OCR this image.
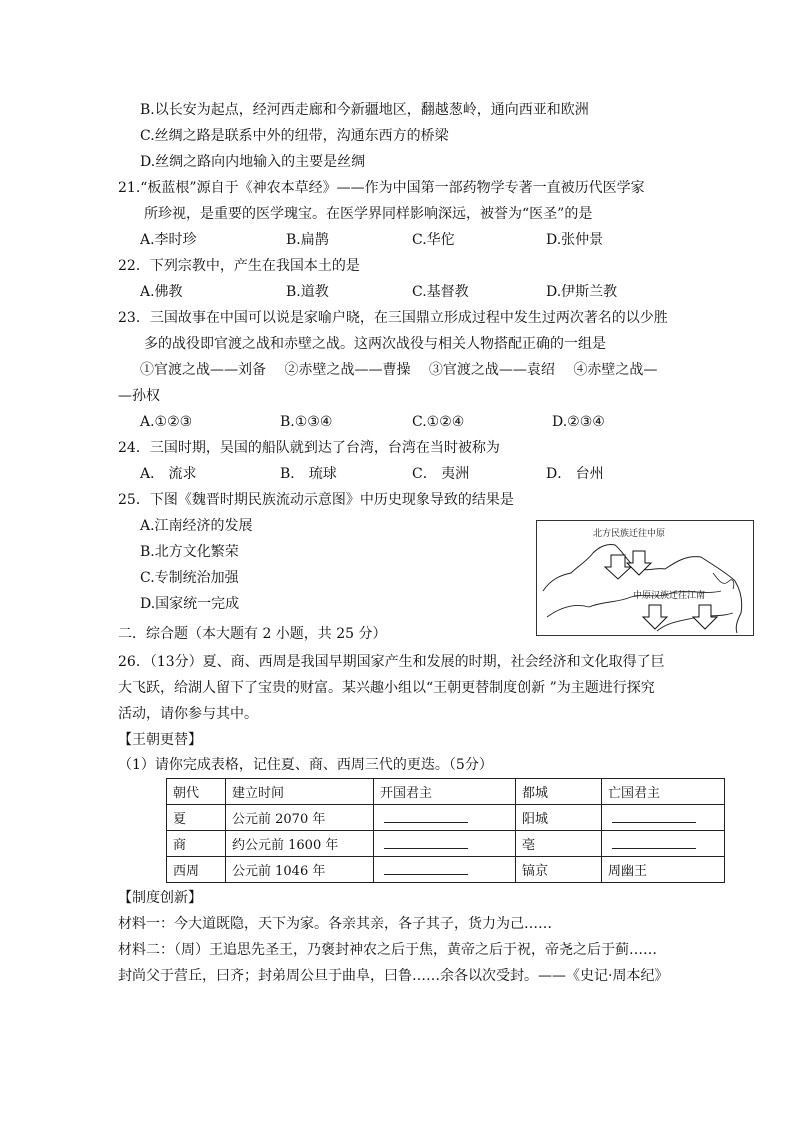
B.以长安为起点，经河西走廊和今新疆地区，翻越葱岭，通向西亚和欧洲
C.丝绸之路是联系中外的纽带，沟通东西方的桥梁
D.丝绸之路向内地输入的主要是丝绸
21.“板蓝根”源自于《神农本草经》——作为中国第一部药物学专著一直被历代医学家
所珍视，是重要的医学瑰宝。在医学界同样影响深远，被誉为“医圣”的是
A.李时珍	B.扁鹊	C.华佗	D.张仲景
22．下列宗教中，产生在我国本土的是
A.佛教	B.道教	C.基督教	D.伊斯兰教
23．三国故事在中国可以说是家喻户晓，在三国鼎立形成过程中发生过两次著名的以少胜
多的战役即官渡之战和赤壁之战。这两次战役与相关人物搭配正确的一组是
①官渡之战——刘备　 ②赤壁之战——曹操　 ③官渡之战——袁绍　 ④赤壁之战—
—孙权
A.①②③	B.①③④	C.①②④	D.②③④
24．三国时期，吴国的船队就到达了台湾，台湾在当时被称为
A． 流求	B． 琉球	C． 夷洲	D． 台州
25．下图《魏晋时期民族流动示意图》中历史现象导致的结果是
A.江南经济的发展
B.北方文化繁荣
C.专制统治加强
D.国家统一完成
北方民族迁往中原
中原汉族迁往江南
二．综合题（本大题有 2 小题，共 25 分）
26．（13分）夏、商、西周是我国早期国家产生和发展的时期，社会经济和文化取得了巨
大飞跃，给湖人留下了宝贵的财富。某兴趣小组以“王朝更替制度创新 ”为主题进行探究
活动，请你参与其中。
【王朝更替】
（1）请你完成表格，记住夏、商、西周三代的更迭。（5分）
朝代	建立时间	开国君主	都城	亡国君主
夏	公元前 2070 年		阳城	
商	约公元前 1600 年		亳	
西周	公元前 1046 年		镐京	周幽王
【制度创新】
材料一：今大道既隐，天下为家。各亲其亲，各子其子，货力为己……
材料二：（周）王追思先圣王，乃褒封神农之后于焦，黄帝之后于祝，帝尧之后于蓟……
封尚父于营丘，曰齐；封弟周公旦于曲阜，曰鲁……余各以次受封。——《史记·周本纪》
